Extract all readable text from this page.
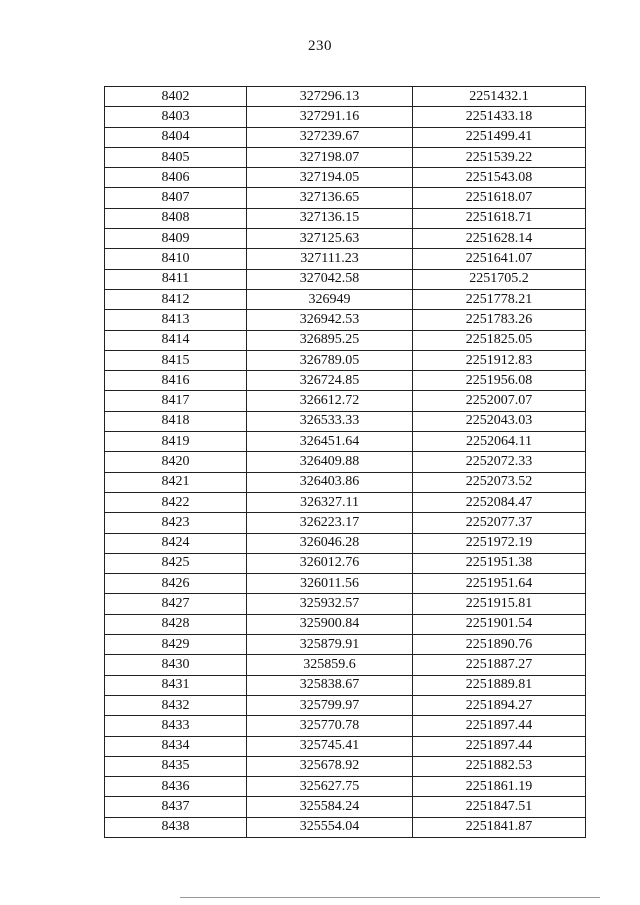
230
8402	327296.13	2251432.1
8403	327291.16	2251433.18
8404	327239.67	2251499.41
8405	327198.07	2251539.22
8406	327194.05	2251543.08
8407	327136.65	2251618.07
8408	327136.15	2251618.71
8409	327125.63	2251628.14
8410	327111.23	2251641.07
8411	327042.58	2251705.2
8412	326949	2251778.21
8413	326942.53	2251783.26
8414	326895.25	2251825.05
8415	326789.05	2251912.83
8416	326724.85	2251956.08
8417	326612.72	2252007.07
8418	326533.33	2252043.03
8419	326451.64	2252064.11
8420	326409.88	2252072.33
8421	326403.86	2252073.52
8422	326327.11	2252084.47
8423	326223.17	2252077.37
8424	326046.28	2251972.19
8425	326012.76	2251951.38
8426	326011.56	2251951.64
8427	325932.57	2251915.81
8428	325900.84	2251901.54
8429	325879.91	2251890.76
8430	325859.6	2251887.27
8431	325838.67	2251889.81
8432	325799.97	2251894.27
8433	325770.78	2251897.44
8434	325745.41	2251897.44
8435	325678.92	2251882.53
8436	325627.75	2251861.19
8437	325584.24	2251847.51
8438	325554.04	2251841.87
